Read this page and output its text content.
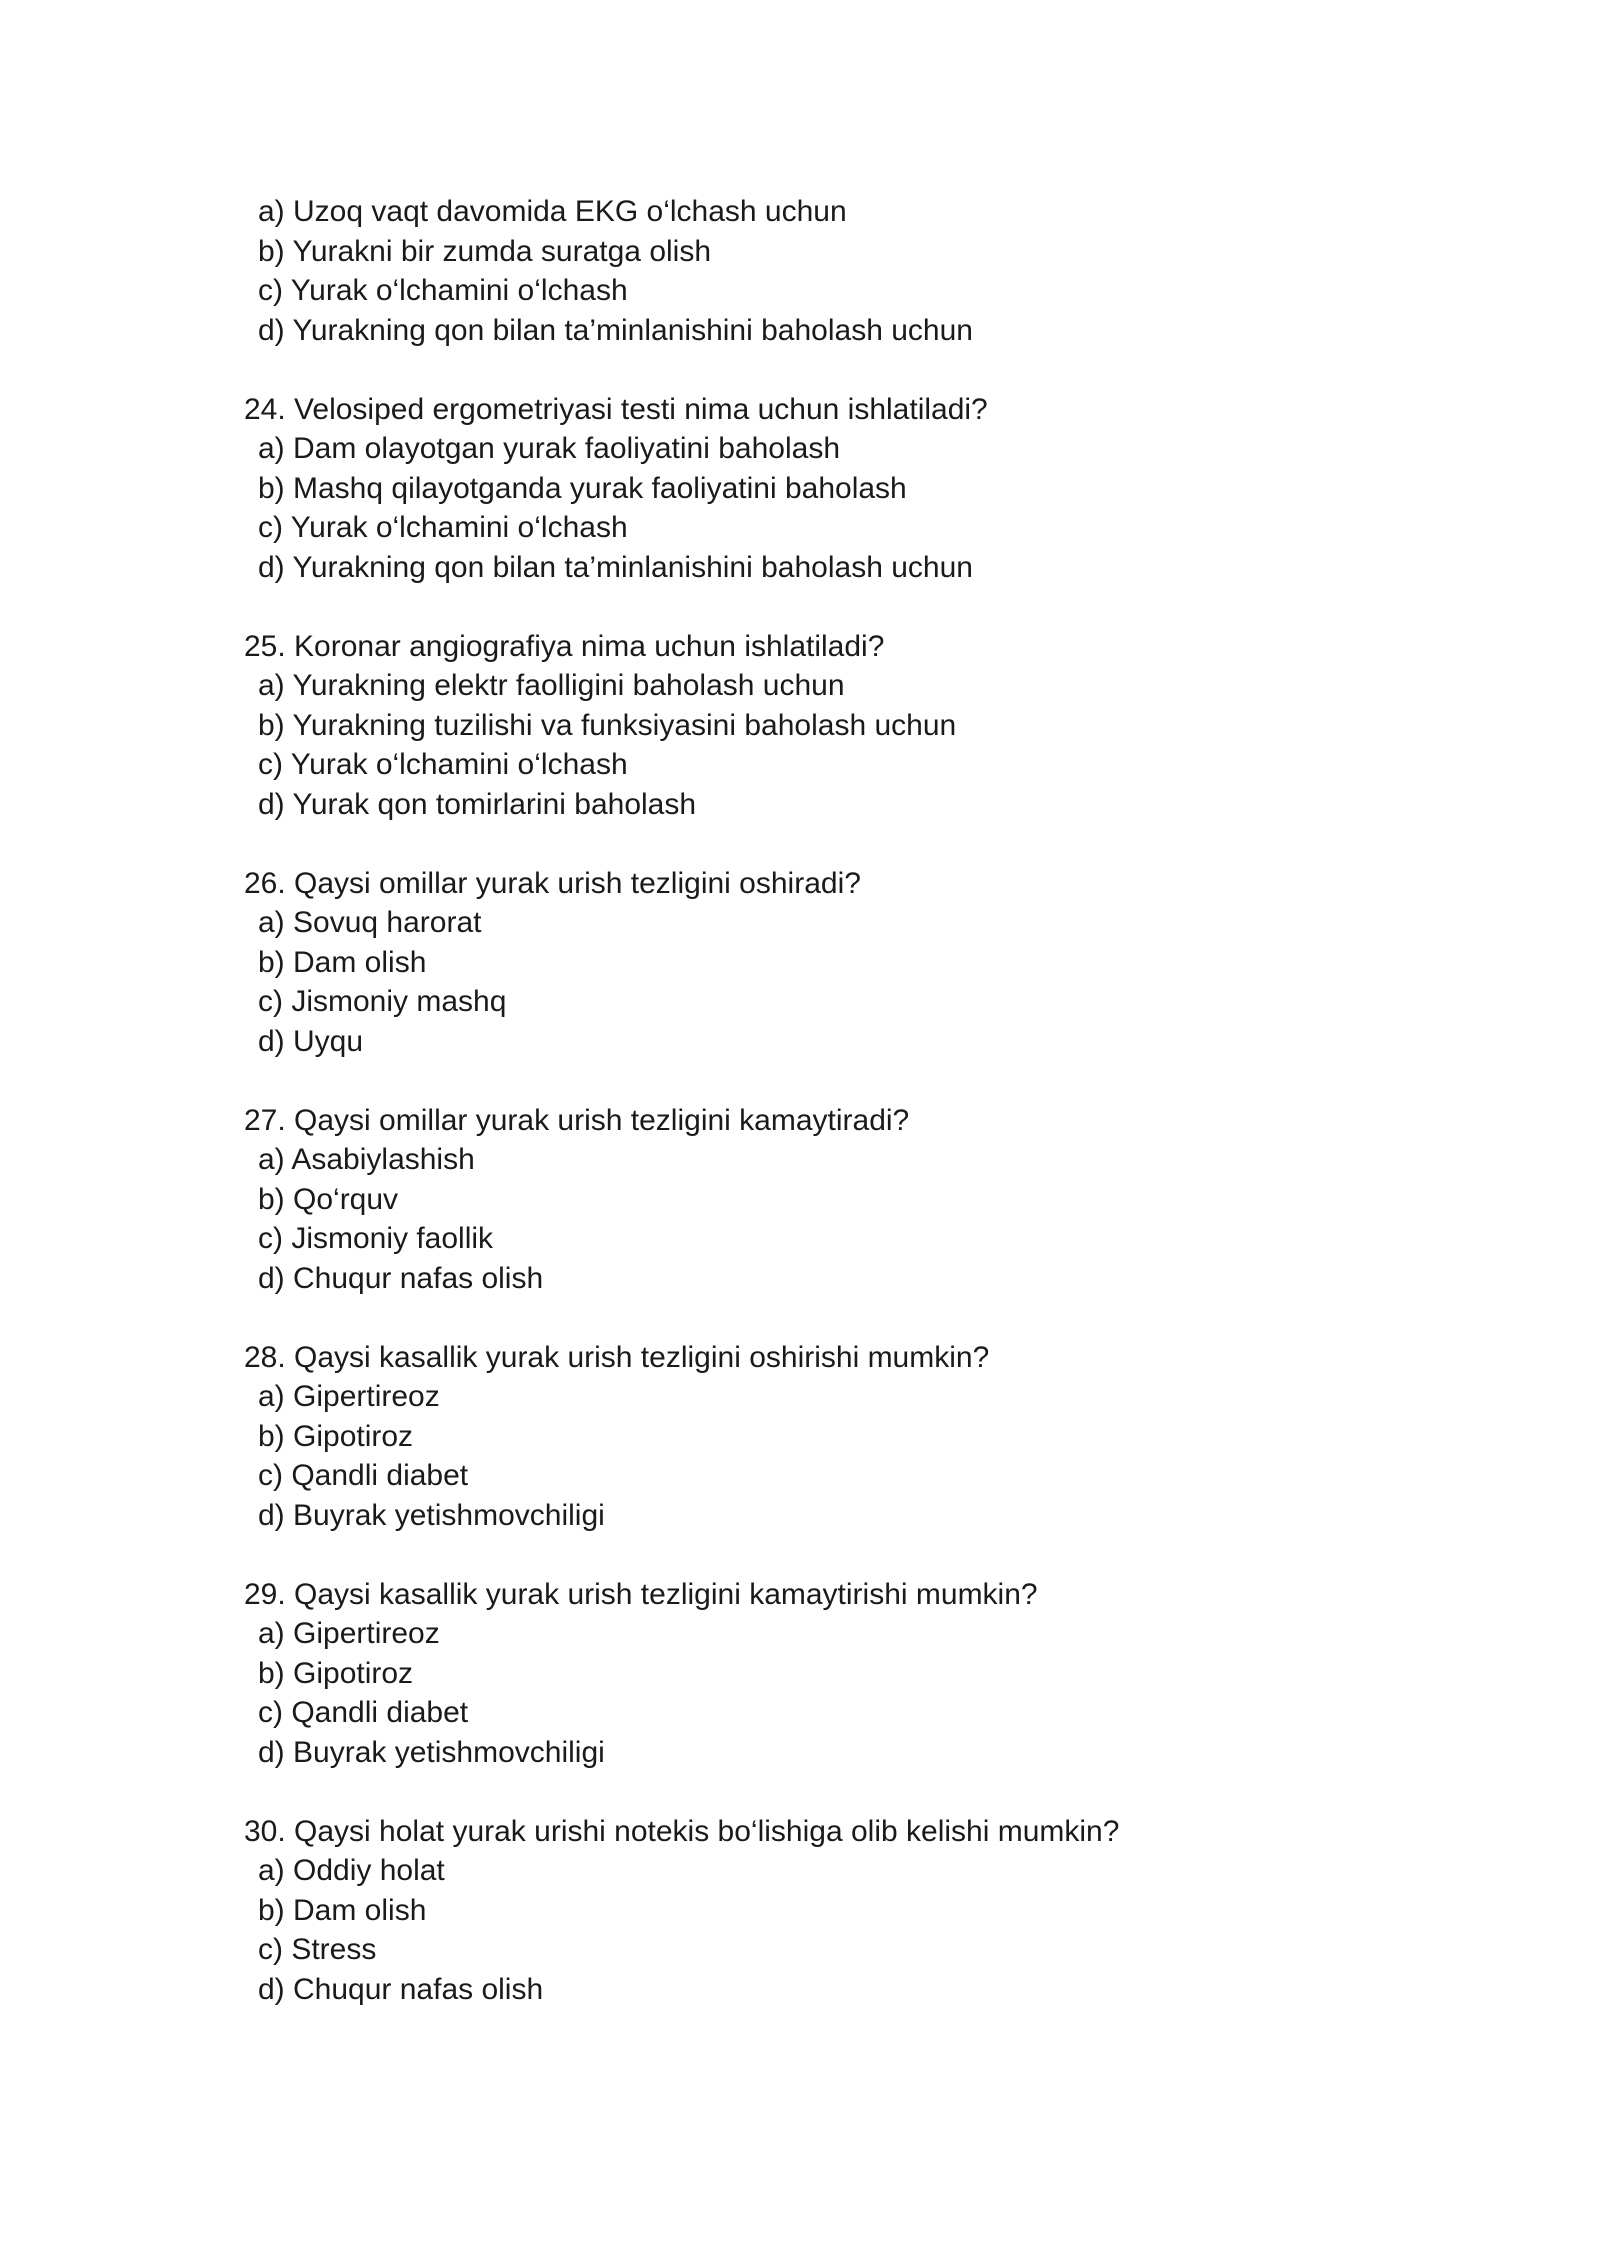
a) Uzoq vaqt davomida EKG o‘lchash uchun
b) Yurakni bir zumda suratga olish
c) Yurak o‘lchamini o‘lchash
d) Yurakning qon bilan ta’minlanishini baholash uchun
24. Velosiped ergometriyasi testi nima uchun ishlatiladi?
a) Dam olayotgan yurak faoliyatini baholash
b) Mashq qilayotganda yurak faoliyatini baholash
c) Yurak o‘lchamini o‘lchash
d) Yurakning qon bilan ta’minlanishini baholash uchun
25. Koronar angiografiya nima uchun ishlatiladi?
a) Yurakning elektr faolligini baholash uchun
b) Yurakning tuzilishi va funksiyasini baholash uchun
c) Yurak o‘lchamini o‘lchash
d) Yurak qon tomirlarini baholash
26. Qaysi omillar yurak urish tezligini oshiradi?
a) Sovuq harorat
b) Dam olish
c) Jismoniy mashq
d) Uyqu
27. Qaysi omillar yurak urish tezligini kamaytiradi?
a) Asabiylashish
b) Qo‘rquv
c) Jismoniy faollik
d) Chuqur nafas olish
28. Qaysi kasallik yurak urish tezligini oshirishi mumkin?
a) Gipertireoz
b) Gipotiroz
c) Qandli diabet
d) Buyrak yetishmovchiligi
29. Qaysi kasallik yurak urish tezligini kamaytirishi mumkin?
a) Gipertireoz
b) Gipotiroz
c) Qandli diabet
d) Buyrak yetishmovchiligi
30. Qaysi holat yurak urishi notekis bo‘lishiga olib kelishi mumkin?
a) Oddiy holat
b) Dam olish
c) Stress
d) Chuqur nafas olish
